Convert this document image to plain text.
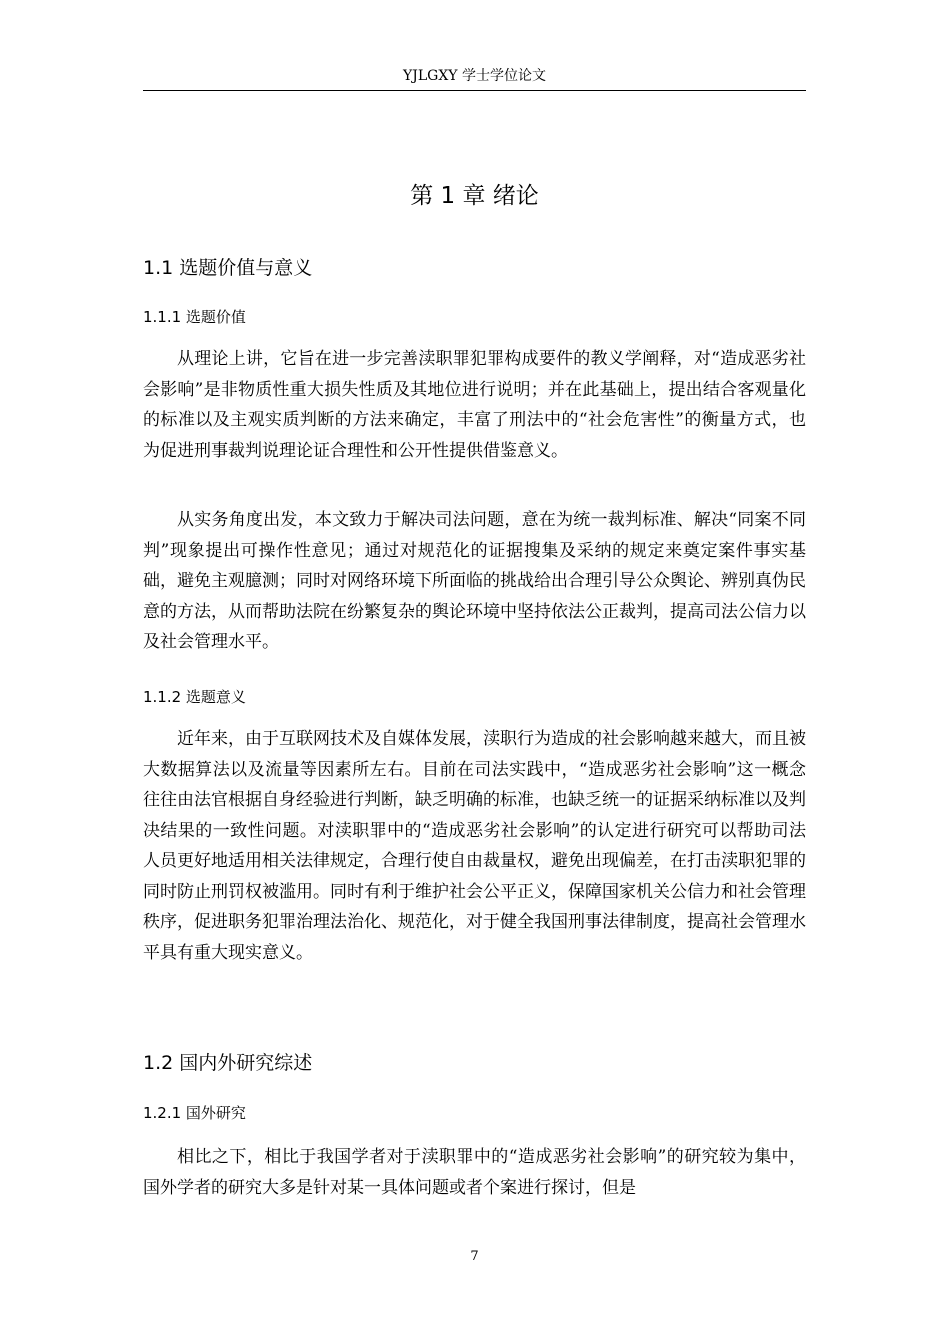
YJLGXY 学士学位论文
第 1 章 绪论
1.1 选题价值与意义
1.1.1 选题价值

从理论上讲，它旨在进一步完善渎职罪犯罪构成要件的教义学阐释，对“造成恶劣社会影响”是非物质性重大损失性质及其地位进行说明；并在此基础上，提出结合客观量化的标准以及主观实质判断的方法来确定，丰富了刑法中的“社会危害性”的衡量方式，也为促进刑事裁判说理论证合理性和公开性提供借鉴意义。

从实务角度出发，本文致力于解决司法问题，意在为统一裁判标准、解决“同案不同判”现象提出可操作性意见；通过对规范化的证据搜集及采纳的规定来奠定案件事实基础，避免主观臆测；同时对网络环境下所面临的挑战给出合理引导公众舆论、辨别真伪民意的方法，从而帮助法院在纷繁复杂的舆论环境中坚持依法公正裁判，提高司法公信力以及社会管理水平。

1.1.2 选题意义

近年来，由于互联网技术及自媒体发展，渎职行为造成的社会影响越来越大，而且被大数据算法以及流量等因素所左右。目前在司法实践中，“造成恶劣社会影响”这一概念往往由法官根据自身经验进行判断，缺乏明确的标准，也缺乏统一的证据采纳标准以及判决结果的一致性问题。对渎职罪中的“造成恶劣社会影响”的认定进行研究可以帮助司法人员更好地适用相关法律规定，合理行使自由裁量权，避免出现偏差，在打击渎职犯罪的同时防止刑罚权被滥用。同时有利于维护社会公平正义，保障国家机关公信力和社会管理秩序，促进职务犯罪治理法治化、规范化，对于健全我国刑事法律制度，提高社会管理水平具有重大现实意义。

1.2 国内外研究综述
1.2.1 国外研究

相比之下，相比于我国学者对于渎职罪中的“造成恶劣社会影响”的研究较为集中，国外学者的研究大多是针对某一具体问题或者个案进行探讨，但是

7
